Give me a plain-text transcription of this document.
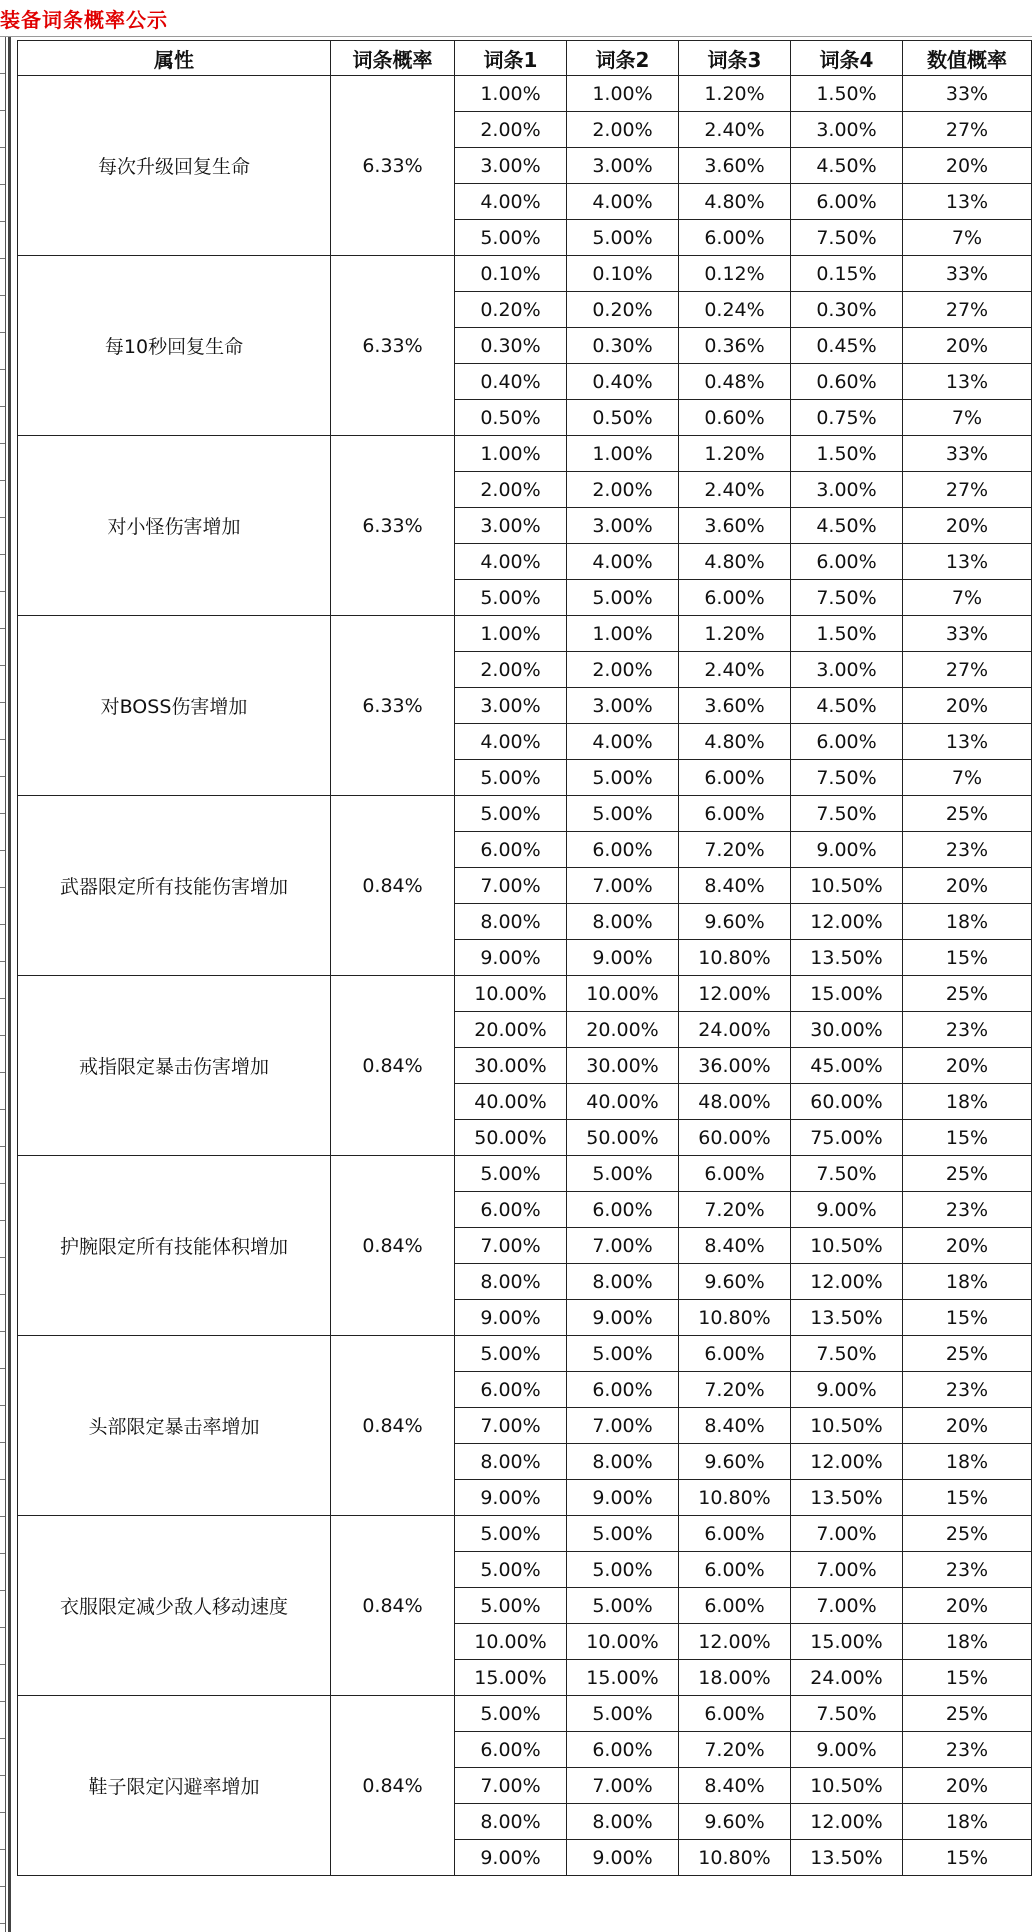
装备词条概率公示
属性	词条概率	词条1	词条2	词条3	词条4	数值概率
每次升级回复生命	6.33%	1.00%	1.00%	1.20%	1.50%	33%
		2.00%	2.00%	2.40%	3.00%	27%
		3.00%	3.00%	3.60%	4.50%	20%
		4.00%	4.00%	4.80%	6.00%	13%
		5.00%	5.00%	6.00%	7.50%	7%
每10秒回复生命	6.33%	0.10%	0.10%	0.12%	0.15%	33%
		0.20%	0.20%	0.24%	0.30%	27%
		0.30%	0.30%	0.36%	0.45%	20%
		0.40%	0.40%	0.48%	0.60%	13%
		0.50%	0.50%	0.60%	0.75%	7%
对小怪伤害增加	6.33%	1.00%	1.00%	1.20%	1.50%	33%
		2.00%	2.00%	2.40%	3.00%	27%
		3.00%	3.00%	3.60%	4.50%	20%
		4.00%	4.00%	4.80%	6.00%	13%
		5.00%	5.00%	6.00%	7.50%	7%
对BOSS伤害增加	6.33%	1.00%	1.00%	1.20%	1.50%	33%
		2.00%	2.00%	2.40%	3.00%	27%
		3.00%	3.00%	3.60%	4.50%	20%
		4.00%	4.00%	4.80%	6.00%	13%
		5.00%	5.00%	6.00%	7.50%	7%
武器限定所有技能伤害增加	0.84%	5.00%	5.00%	6.00%	7.50%	25%
		6.00%	6.00%	7.20%	9.00%	23%
		7.00%	7.00%	8.40%	10.50%	20%
		8.00%	8.00%	9.60%	12.00%	18%
		9.00%	9.00%	10.80%	13.50%	15%
戒指限定暴击伤害增加	0.84%	10.00%	10.00%	12.00%	15.00%	25%
		20.00%	20.00%	24.00%	30.00%	23%
		30.00%	30.00%	36.00%	45.00%	20%
		40.00%	40.00%	48.00%	60.00%	18%
		50.00%	50.00%	60.00%	75.00%	15%
护腕限定所有技能体积增加	0.84%	5.00%	5.00%	6.00%	7.50%	25%
		6.00%	6.00%	7.20%	9.00%	23%
		7.00%	7.00%	8.40%	10.50%	20%
		8.00%	8.00%	9.60%	12.00%	18%
		9.00%	9.00%	10.80%	13.50%	15%
头部限定暴击率增加	0.84%	5.00%	5.00%	6.00%	7.50%	25%
		6.00%	6.00%	7.20%	9.00%	23%
		7.00%	7.00%	8.40%	10.50%	20%
		8.00%	8.00%	9.60%	12.00%	18%
		9.00%	9.00%	10.80%	13.50%	15%
衣服限定减少敌人移动速度	0.84%	5.00%	5.00%	6.00%	7.00%	25%
		5.00%	5.00%	6.00%	7.00%	23%
		5.00%	5.00%	6.00%	7.00%	20%
		10.00%	10.00%	12.00%	15.00%	18%
		15.00%	15.00%	18.00%	24.00%	15%
鞋子限定闪避率增加	0.84%	5.00%	5.00%	6.00%	7.50%	25%
		6.00%	6.00%	7.20%	9.00%	23%
		7.00%	7.00%	8.40%	10.50%	20%
		8.00%	8.00%	9.60%	12.00%	18%
		9.00%	9.00%	10.80%	13.50%	15%
